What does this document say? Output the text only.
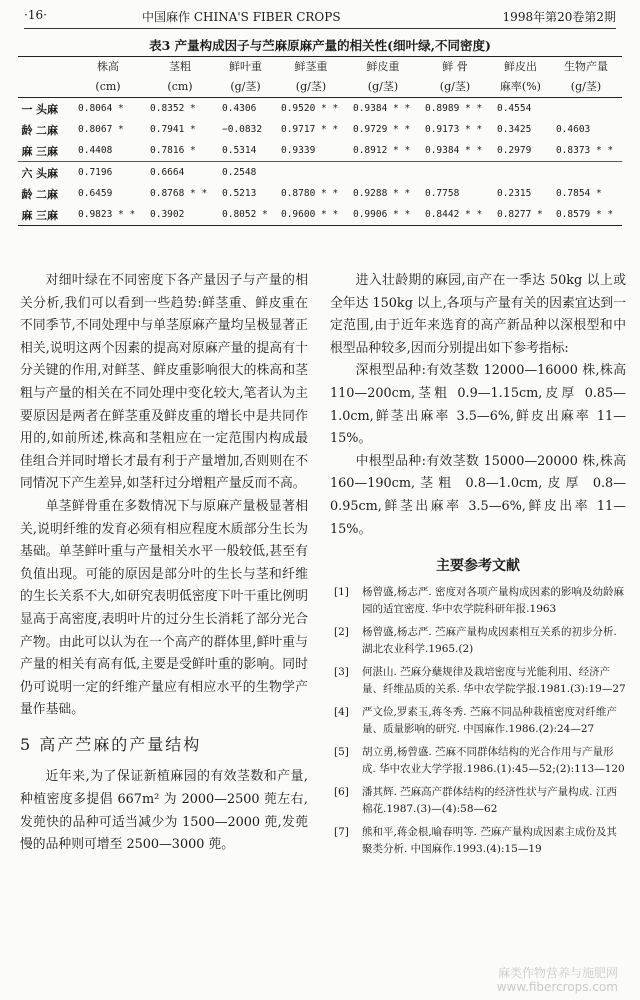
·16·	中国麻作 CHINA'S FIBER CROPS	1998年第20卷第2期
表3 产量构成因子与苎麻原麻产量的相关性(细叶绿,不同密度)
		株高	茎粗	鲜叶重	鲜茎重	鲜皮重	鲜 骨	鲜皮出	生物产量
		(cm)	(cm)	(g/茎)	(g/茎)	(g/茎)	(g/茎)	麻率(%)	(g/茎)
一	头麻	0.8064 *	0.8352 *	0.4306	0.9520 * *	0.9384 * *	0.8989 * *	0.4554	
龄	二麻	0.8067 *	0.7941 *	−0.0832	0.9717 * *	0.9729 * *	0.9173 * *	0.3425	0.4603
麻	三麻	0.4408	0.7816 *	0.5314	0.9339	0.8912 * *	0.9384 * *	0.2979	0.8373 * *
六	头麻	0.7196	0.6664	0.2548					
龄	二麻	0.6459	0.8768 * *	0.5213	0.8780 * *	0.9288 * *	0.7758	0.2315	0.7854 *
麻	三麻	0.9823 * *	0.3902	0.8052 *	0.9600 * *	0.9906 * *	0.8442 * *	0.8277 *	0.8579 * *

对细叶绿在不同密度下各产量因子与产量的相关分析,我们可以看到一些趋势:鲜茎重、鲜皮重在不同季节,不同处理中与单茎原麻产量均呈极显著正相关,说明这两个因素的提高对原麻产量的提高有十分关键的作用,对鲜茎、鲜皮重影响很大的株高和茎粗与产量的相关在不同处理中变化较大,笔者认为主要原因是两者在鲜茎重及鲜皮重的增长中是共同作用的,如前所述,株高和茎粗应在一定范围内构成最佳组合并同时增长才最有利于产量增加,否则则在不同情况下产生差异,如茎秆过分增粗产量反而不高。

单茎鲜骨重在多数情况下与原麻产量极显著相关,说明纤维的发育必须有相应程度木质部分生长为基础。单茎鲜叶重与产量相关水平一般较低,甚至有负值出现。可能的原因是部分叶的生长与茎和纤维的生长关系不大,如研究表明低密度下叶干重比例明显高于高密度,表明叶片的过分生长消耗了部分光合产物。由此可以认为在一个高产的群体里,鲜叶重与产量的相关有高有低,主要是受鲜叶重的影响。同时仍可说明一定的纤维产量应有相应水平的生物学产量作基础。

5 高产苎麻的产量结构

近年来,为了保证新植麻园的有效茎数和产量,种植密度多提倡 667m² 为 2000—2500 蔸左右,发蔸快的品种可适当减少为 1500—2000 蔸,发蔸慢的品种则可增至 2500—3000 蔸。

进入壮龄期的麻园,亩产在一季达 50kg 以上或全年达 150kg 以上,各项与产量有关的因素宜达到一定范围,由于近年来选育的高产新品种以深根型和中根型品种较多,因而分别提出如下参考指标:

深根型品种:有效茎数 12000—16000 株,株高 110—200cm,茎粗 0.9—1.15cm,皮厚 0.85—1.0cm,鲜茎出麻率 3.5—6%,鲜皮出麻率 11—15%。

中根型品种:有效茎数 15000—20000 株,株高 160—190cm,茎粗 0.8—1.0cm,皮厚 0.8—0.95cm,鲜茎出麻率 3.5—6%,鲜皮出率 11—15%。

主要参考文献

[1] 杨曾盛,杨志严. 密度对各项产量构成因素的影响及幼龄麻园的适宜密度. 华中农学院科研年报.1963
[2] 杨曾盛,杨志严. 苎麻产量构成因素相互关系的初步分析. 湖北农业科学.1965.(2)
[3] 何湛山. 苎麻分蘖规律及栽培密度与光能利用、经济产量、纤维品质的关系. 华中农学院学报.1981.(3):19—27
[4] 严文俭,罗素玉,蒋冬秀. 苎麻不同品种栽植密度对纤维产量、质量影响的研究. 中国麻作.1986.(2):24—27
[5] 胡立勇,杨曾盛. 苎麻不同群体结构的光合作用与产量形成. 华中农业大学学报.1986.(1):45—52;(2):113—120
[6] 潘其辉. 苎麻高产群体结构的经济性状与产量构成. 江西棉花.1987.(3)—(4):58—62
[7] 熊和平,蒋金根,喻春明等. 苎麻产量构成因素主成份及其聚类分析. 中国麻作.1993.(4):15—19
麻类作物营养与施肥网
www.fibercrops.com
